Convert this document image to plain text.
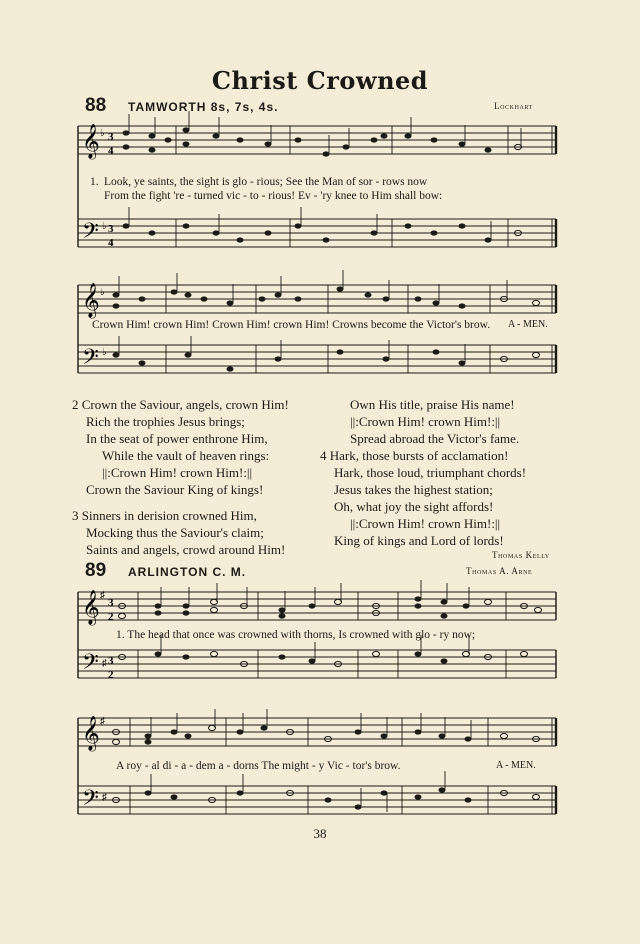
Christ Crowned
88 TAMWORTH 8s, 7s, 4s.	Lockhart
𝄞
𝄢
♭
♭
3
4
3
4
1. Look, ye saints, the sight is glo - rious; See the Man of sor - rows now
From the fight 're - turned vic - to - rious! Ev - 'ry knee to Him shall bow:
𝄞
𝄢
♭
♭
Crown Him! crown Him! Crown Him! crown Him! Crowns become the Victor's brow. A - MEN.
2 Crown the Saviour, angels, crown Him!
Rich the trophies Jesus brings;
In the seat of power enthrone Him,
While the vault of heaven rings:
||:Crown Him! crown Him!:||
Crown the Saviour King of kings!
3 Sinners in derision crowned Him,
Mocking thus the Saviour's claim;
Saints and angels, crowd around Him!
Own His title, praise His name!
||:Crown Him! crown Him!:||
Spread abroad the Victor's fame.
4 Hark, those bursts of acclamation!
Hark, those loud, triumphant chords!
Jesus takes the highest station;
Oh, what joy the sight affords!
||:Crown Him! crown Him!:||
King of kings and Lord of lords!
Thomas Kelly
89 ARLINGTON C. M.	Thomas A. Arne
𝄞
𝄢
♯
♯
3
2
3
2
1. The head that once was crowned with thorns, Is crowned with glo - ry now;
𝄞
𝄢
♯
♯
A roy - al di - a - dem a - dorns The might - y Vic - tor's brow.	A - MEN.
38
